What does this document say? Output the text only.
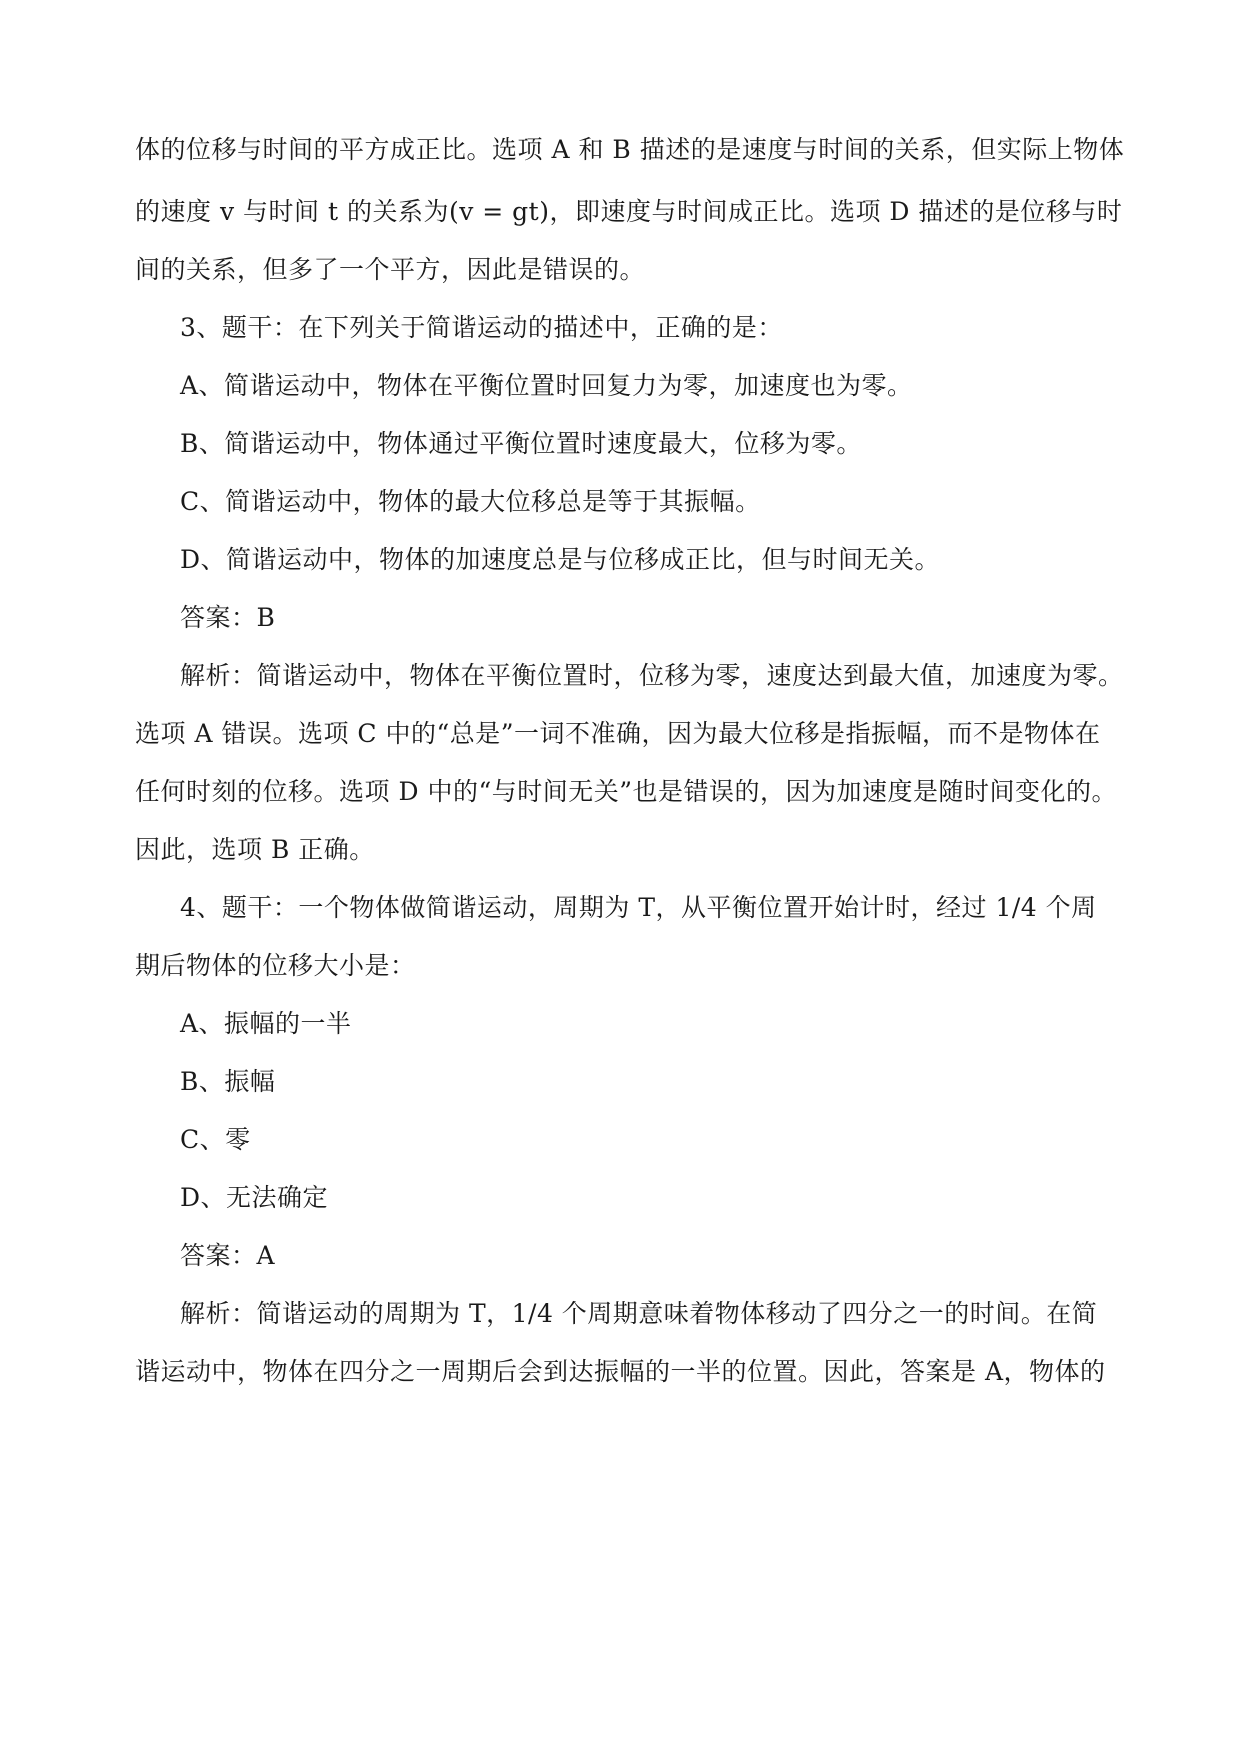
体的位移与时间的平方成正比。选项 A 和 B 描述的是速度与时间的关系，但实际上物体
的速度 v 与时间 t 的关系为(v = gt)，即速度与时间成正比。选项 D 描述的是位移与时
间的关系，但多了一个平方，因此是错误的。
3、题干：在下列关于简谐运动的描述中，正确的是：
A、简谐运动中，物体在平衡位置时回复力为零，加速度也为零。
B、简谐运动中，物体通过平衡位置时速度最大，位移为零。
C、简谐运动中，物体的最大位移总是等于其振幅。
D、简谐运动中，物体的加速度总是与位移成正比，但与时间无关。
答案：B
解析：简谐运动中，物体在平衡位置时，位移为零，速度达到最大值，加速度为零。
选项 A 错误。选项 C 中的“总是”一词不准确，因为最大位移是指振幅，而不是物体在
任何时刻的位移。选项 D 中的“与时间无关”也是错误的，因为加速度是随时间变化的。
因此，选项 B 正确。
4、题干：一个物体做简谐运动，周期为 T，从平衡位置开始计时，经过 1/4 个周
期后物体的位移大小是：
A、振幅的一半
B、振幅
C、零
D、无法确定
答案：A
解析：简谐运动的周期为 T，1/4 个周期意味着物体移动了四分之一的时间。在简
谐运动中，物体在四分之一周期后会到达振幅的一半的位置。因此，答案是 A，物体的
